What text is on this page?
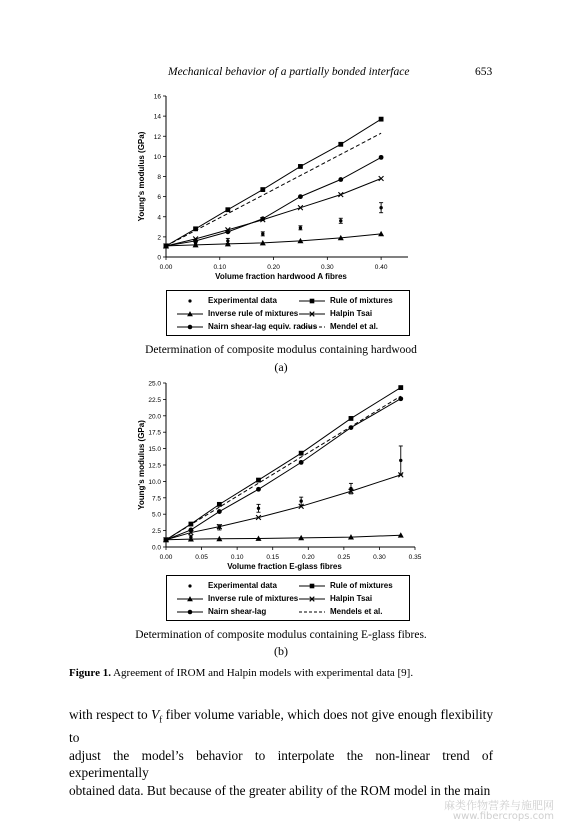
Mechanical behavior of a partially bonded interface	653
0
2
4
6
8
10
12
14
16
0.00	0.10	0.20	0.30	0.40
Volume fraction hardwood A fibres
Young's modulus (GPa)
Experimental data	Rule of mixtures
Inverse rule of mixtures	Halpin Tsai
Nairn shear-lag equiv. radius Mendel et al.
Determination of composite modulus containing hardwood
(a)
0.0
2.5
5.0
7.5
10.0
12.5
15.0
17.5
20.0
22.5
25.0
0.00	0.05	0.10	0.15	0.20	0.25	0.30	0.35
Volume fraction E-glass fibres
Young's modulus (GPa)
Experimental data	Rule of mixtures
Inverse rule of mixtures	Halpin Tsai
Nairn shear-lag	Mendels et al.
Determination of composite modulus containing E-glass fibres.
(b)
Figure 1. Agreement of IROM and Halpin models with experimental data [9].
with respect to $V_f$ fiber volume variable, which does not give enough flexibility to
adjust the model’s behavior to interpolate the non-linear trend of experimentally
obtained data. But because of the greater ability of the ROM model in the main
麻类作物营养与施肥网
www.fibercrops.com
